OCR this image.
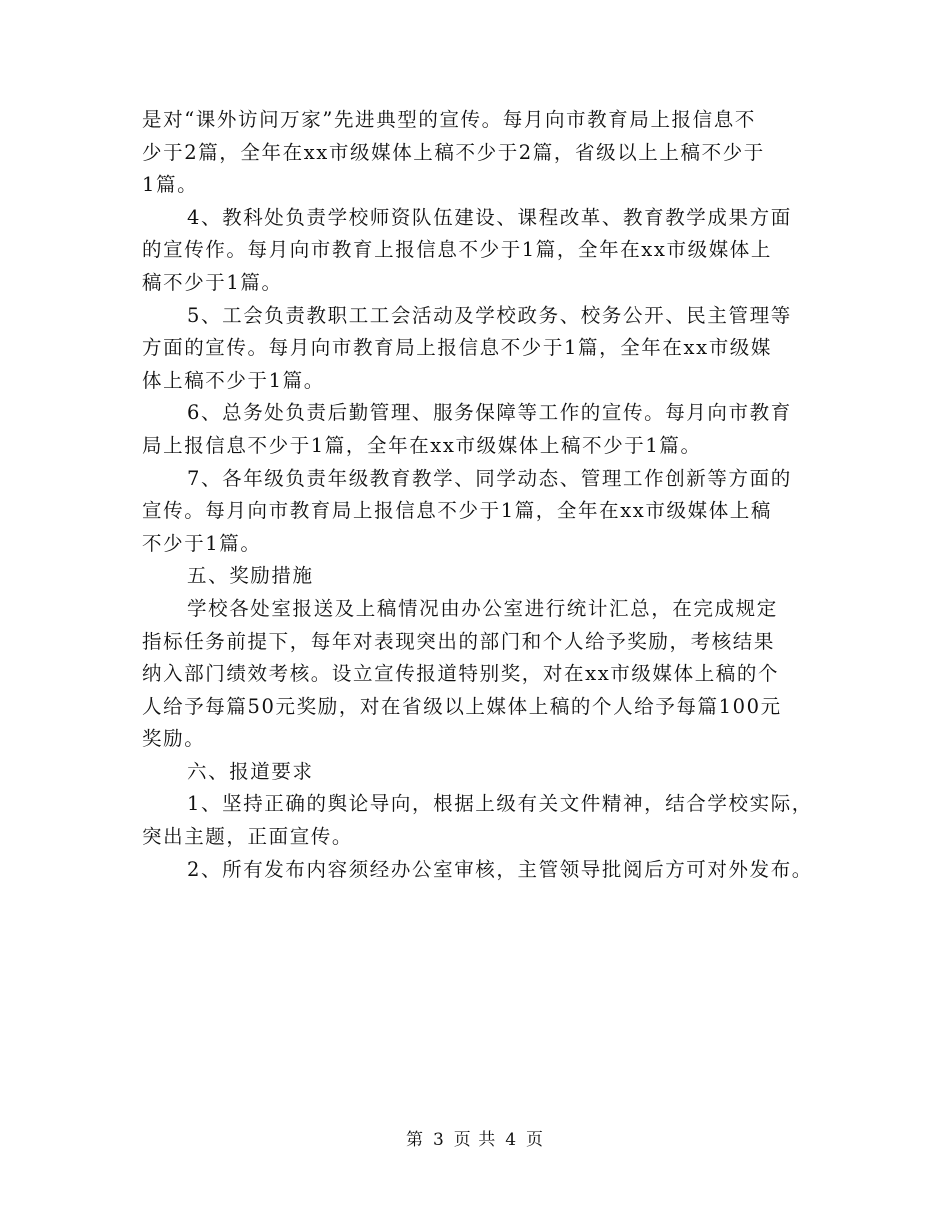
是对“课外访问万家”先进典型的宣传。每月向市教育局上报信息不
少于2篇，全年在xx市级媒体上稿不少于2篇，省级以上上稿不少于
1篇。
4、教科处负责学校师资队伍建设、课程改革、教育教学成果方面
的宣传作。每月向市教育上报信息不少于1篇，全年在xx市级媒体上
稿不少于1篇。
5、工会负责教职工工会活动及学校政务、校务公开、民主管理等
方面的宣传。每月向市教育局上报信息不少于1篇，全年在xx市级媒
体上稿不少于1篇。
6、总务处负责后勤管理、服务保障等工作的宣传。每月向市教育
局上报信息不少于1篇，全年在xx市级媒体上稿不少于1篇。
7、各年级负责年级教育教学、同学动态、管理工作创新等方面的
宣传。每月向市教育局上报信息不少于1篇，全年在xx市级媒体上稿
不少于1篇。
五、奖励措施
学校各处室报送及上稿情况由办公室进行统计汇总，在完成规定
指标任务前提下，每年对表现突出的部门和个人给予奖励，考核结果
纳入部门绩效考核。设立宣传报道特别奖，对在xx市级媒体上稿的个
人给予每篇50元奖励，对在省级以上媒体上稿的个人给予每篇100元
奖励。
六、报道要求
1、坚持正确的舆论导向，根据上级有关文件精神，结合学校实际，
突出主题，正面宣传。
2、所有发布内容须经办公室审核，主管领导批阅后方可对外发布。
第 3 页 共 4 页
